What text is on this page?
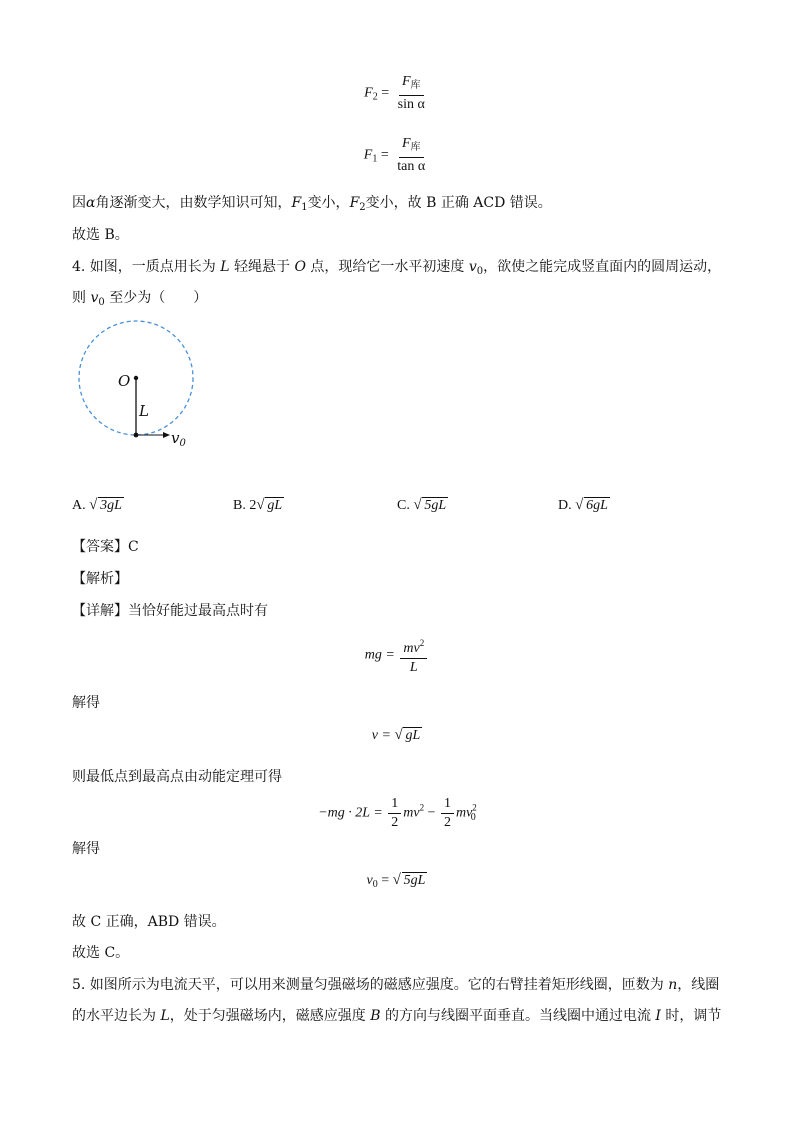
$F_2 = \frac{F_库}{\text{sin α}}$
$F_1 = \frac{F_库}{\text{tan α}}$
因α角逐渐变大，由数学知识可知，$F_1$变小，$F_2$变小，故 B 正确 ACD 错误。
故选 B。
4. 如图，一质点用长为 L 轻绳悬于 O 点，现给它一水平初速度 $v_0$，欲使之能完成竖直面内的圆周运动，
则 $v_0$ 至少为（　　）
O
L
$v_0$
A. √ 3gL	B. 2 √ gL	C. √ 5gL	D. √ 6gL
【答案】C
【解析】
【详解】当恰好能过最高点时有
mg = $\frac{mv^2}{L}$
解得
v = √ gL
则最低点到最高点由动能定理可得
$-mg \cdot 2L = \frac{1}{2} mv^2 - \frac{1}{2} mv^2_0$
解得
$v_0$ = √ 5gL
故 C 正确，ABD 错误。
故选 C。
5. 如图所示为电流天平，可以用来测量匀强磁场的磁感应强度。它的右臂挂着矩形线圈，匝数为 n，线圈
的水平边长为 L，处于匀强磁场内，磁感应强度 B 的方向与线圈平面垂直。当线圈中通过电流 I 时，调节
